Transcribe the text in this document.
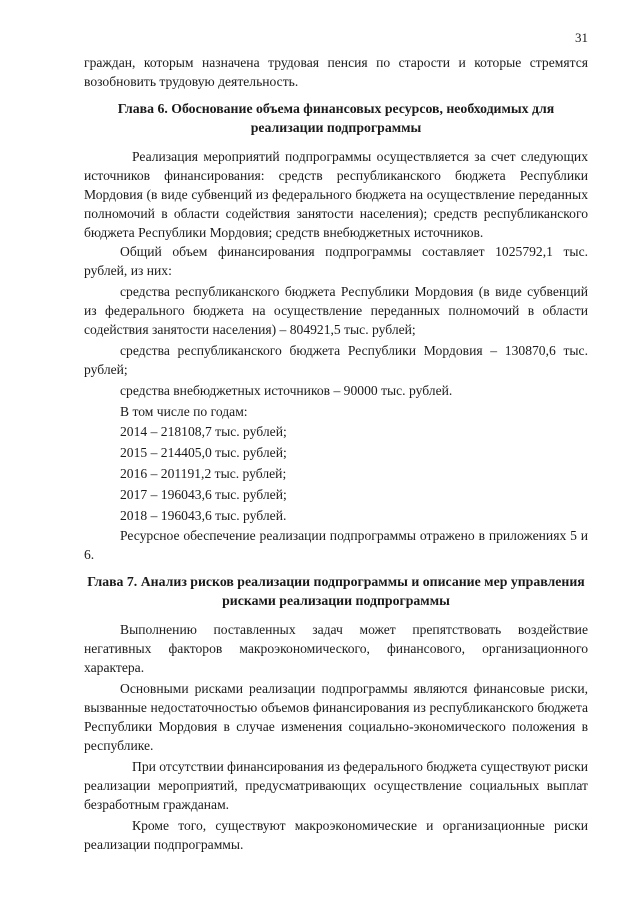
31

граждан, которым назначена трудовая пенсия по старости и которые стремятся возобновить трудовую деятельность.

Глава 6. Обоснование объема финансовых ресурсов, необходимых для реализации подпрограммы

Реализация мероприятий подпрограммы осуществляется за счет следующих источников финансирования: средств республиканского бюджета Республики Мордовия (в виде субвенций из федерального бюджета на осуществление переданных полномочий в области содействия занятости населения); средств республиканского бюджета Республики Мордовия; средств внебюджетных источников.

Общий объем финансирования подпрограммы составляет 1025792,1 тыс. рублей, из них:

средства республиканского бюджета Республики Мордовия (в виде субвенций из федерального бюджета на осуществление переданных полномочий в области содействия занятости населения) – 804921,5 тыс. рублей;

средства республиканского бюджета Республики Мордовия – 130870,6 тыс. рублей;

средства внебюджетных источников – 90000 тыс. рублей.

В том числе по годам:

2014 – 218108,7 тыс. рублей;
2015 – 214405,0 тыс. рублей;
2016 – 201191,2 тыс. рублей;
2017 – 196043,6 тыс. рублей;
2018 – 196043,6 тыс. рублей.

Ресурсное обеспечение реализации подпрограммы отражено в приложениях 5 и 6.

Глава 7. Анализ рисков реализации подпрограммы и описание мер управления рисками реализации подпрограммы

Выполнению поставленных задач может препятствовать воздействие негативных факторов макроэкономического, финансового, организационного характера.

Основными рисками реализации подпрограммы являются финансовые риски, вызванные недостаточностью объемов финансирования из республиканского бюджета Республики Мордовия в случае изменения социально-экономического положения в республике.

При отсутствии финансирования из федерального бюджета существуют риски реализации мероприятий, предусматривающих осуществление социальных выплат безработным гражданам.

Кроме того, существуют макроэкономические и организационные риски реализации подпрограммы.
